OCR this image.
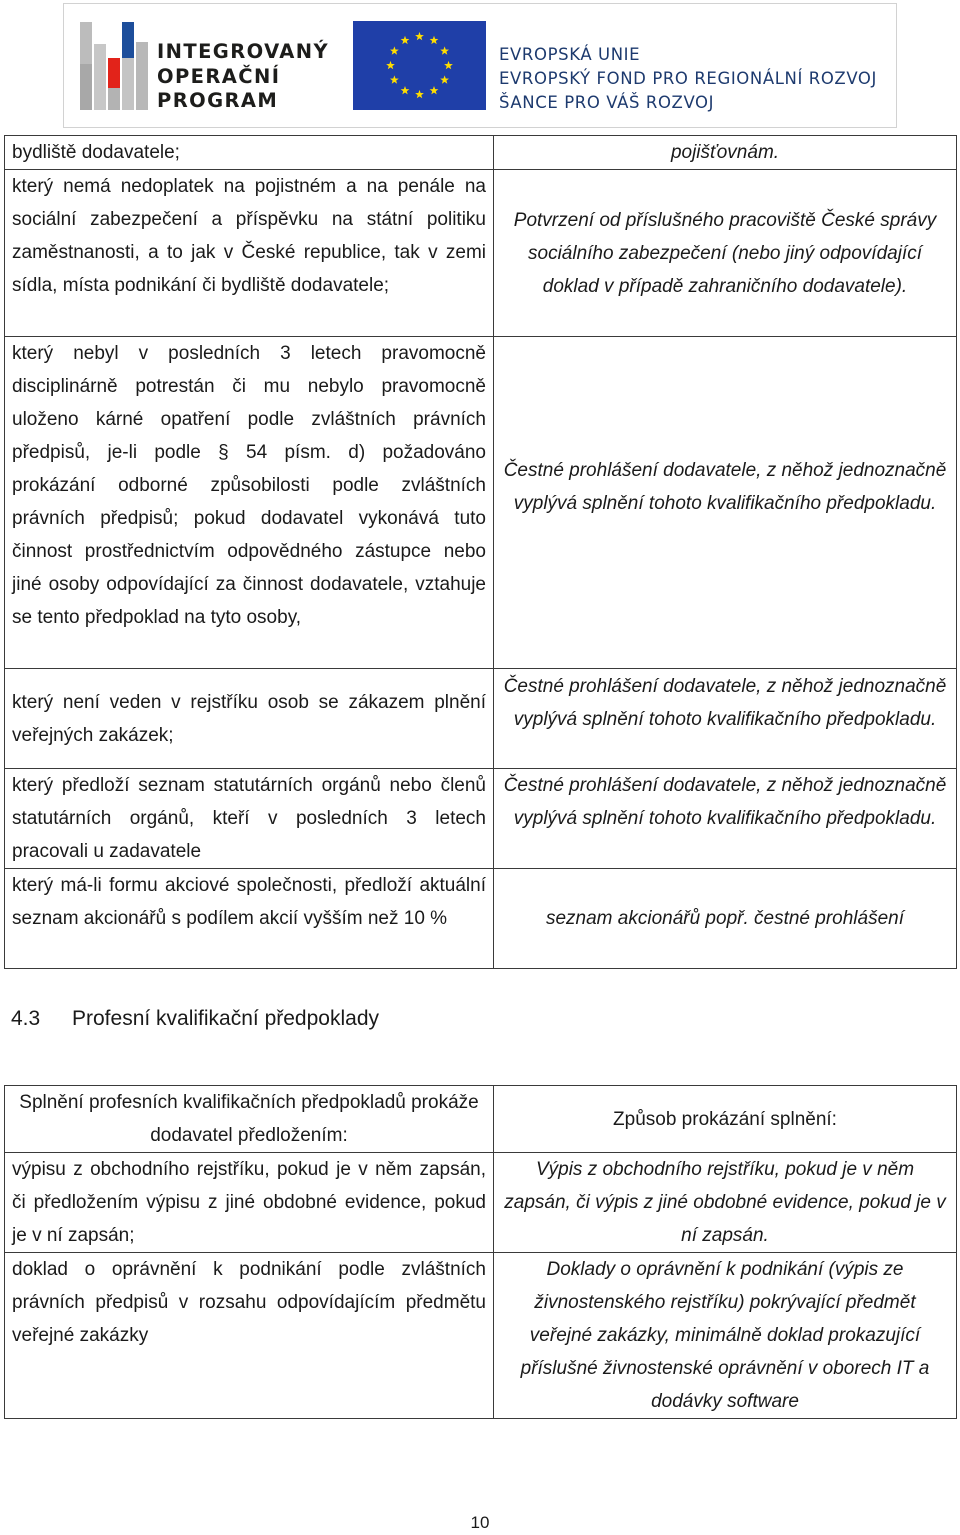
INTEGROVANÝ
OPERAČNÍ
PROGRAM
EVROPSKÁ UNIE
EVROPSKÝ FOND PRO REGIONÁLNÍ ROZVOJ
ŠANCE PRO VÁŠ ROZVOJ

bydliště dodavatele;	pojišťovnám.

který nemá nedoplatek na pojistném a na penále na sociální zabezpečení a příspěvku na státní politiku zaměstnanosti, a to jak v České republice, tak v zemi sídla, místa podnikání či bydliště dodavatele;	Potvrzení od příslušného pracoviště České správy sociálního zabezpečení (nebo jiný odpovídající doklad v případě zahraničního dodavatele).

který nebyl v posledních 3 letech pravomocně disciplinárně potrestán či mu nebylo pravomocně uloženo kárné opatření podle zvláštních právních předpisů, je-li podle § 54 písm. d) požadováno prokázání odborné způsobilosti podle zvláštních právních předpisů; pokud dodavatel vykonává tuto činnost prostřednictvím odpovědného zástupce nebo jiné osoby odpovídající za činnost dodavatele, vztahuje se tento předpoklad na tyto osoby,	Čestné prohlášení dodavatele, z něhož jednoznačně vyplývá splnění tohoto kvalifikačního předpokladu.

který není veden v rejstříku osob se zákazem plnění veřejných zakázek;	Čestné prohlášení dodavatele, z něhož jednoznačně vyplývá splnění tohoto kvalifikačního předpokladu.

který předloží seznam statutárních orgánů nebo členů statutárních orgánů, kteří v posledních 3 letech pracovali u zadavatele	Čestné prohlášení dodavatele, z něhož jednoznačně vyplývá splnění tohoto kvalifikačního předpokladu.

který má-li formu akciové společnosti, předloží aktuální seznam akcionářů s podílem akcií vyšším než 10 %	seznam akcionářů popř. čestné prohlášení

4.3 Profesní kvalifikační předpoklady

Splnění profesních kvalifikačních předpokladů prokáže dodavatel předložením:	Způsob prokázání splnění:

výpisu z obchodního rejstříku, pokud je v něm zapsán, či předložením výpisu z jiné obdobné evidence, pokud je v ní zapsán;	Výpis z obchodního rejstříku, pokud je v něm zapsán, či výpis z jiné obdobné evidence, pokud je v ní zapsán.

doklad o oprávnění k podnikání podle zvláštních právních předpisů v rozsahu odpovídajícím předmětu veřejné zakázky	Doklady o oprávnění k podnikání (výpis ze živnostenského rejstříku) pokrývající předmět veřejné zakázky, minimálně doklad prokazující příslušné živnostenské oprávnění v oborech IT a dodávky software

10
